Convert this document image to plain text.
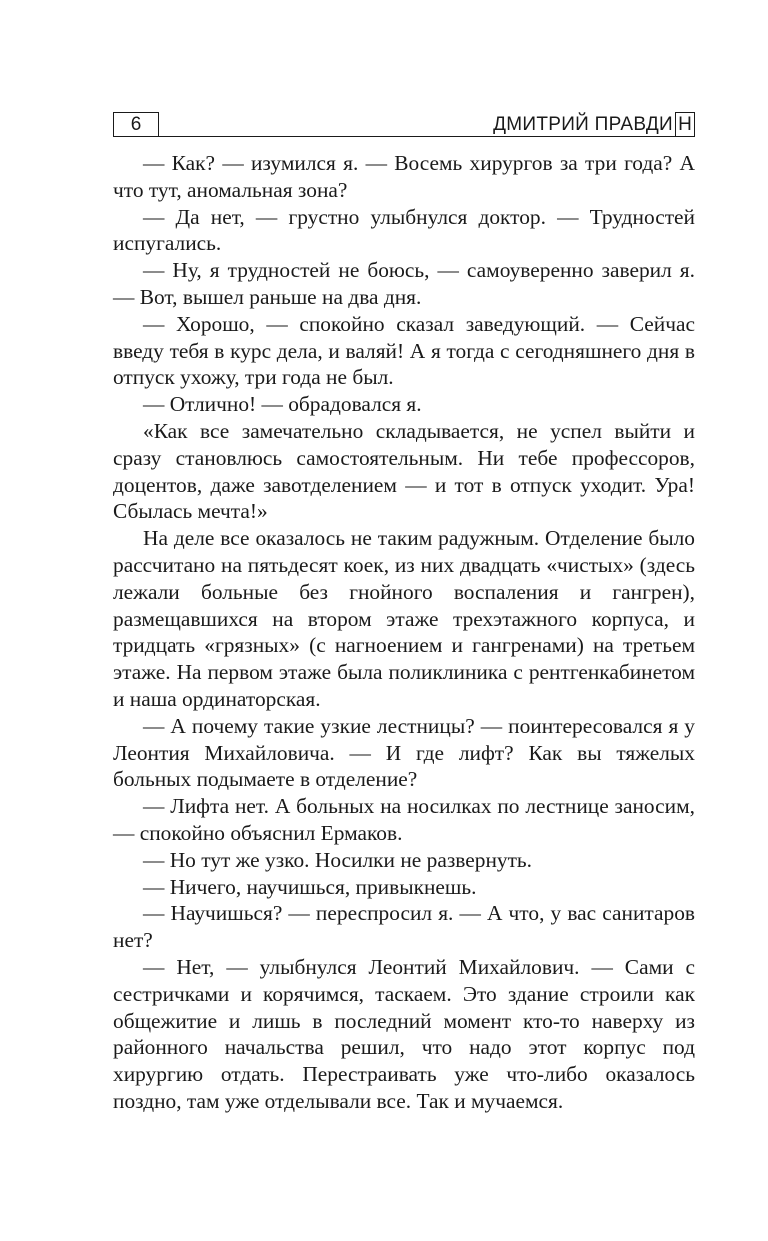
6	ДМИТРИЙ ПРАВДИ Н

— Как? — изумился я. — Восемь хирургов за три года? А что тут, аномальная зона?

— Да нет, — грустно улыбнулся доктор. — Трудностей испугались.

— Ну, я трудностей не боюсь, — самоуверенно заверил я. — Вот, вышел раньше на два дня.

— Хорошо, — спокойно сказал заведующий. — Сейчас введу тебя в курс дела, и валяй! А я тогда с сегодняшнего дня в отпуск ухожу, три года не был.

— Отлично! — обрадовался я.

«Как все замечательно складывается, не успел выйти и сразу становлюсь самостоятельным. Ни тебе профессоров, доцентов, даже завотделением — и тот в отпуск уходит. Ура! Сбылась мечта!»

На деле все оказалось не таким радужным. Отделение было рассчитано на пятьдесят коек, из них двадцать «чистых» (здесь лежали больные без гнойного воспаления и гангрен), размещавшихся на втором этаже трехэтажного корпуса, и тридцать «грязных» (с нагноением и гангренами) на третьем этаже. На первом этаже была поликлиника с рентгенкабинетом и наша ординаторская.

— А почему такие узкие лестницы? — поинтересовался я у Леонтия Михайловича. — И где лифт? Как вы тяжелых больных подымаете в отделение?

— Лифта нет. А больных на носилках по лестнице заносим, — спокойно объяснил Ермаков.

— Но тут же узко. Носилки не развернуть.

— Ничего, научишься, привыкнешь.

— Научишься? — переспросил я. — А что, у вас санитаров нет?

— Нет, — улыбнулся Леонтий Михайлович. — Сами с сестричками и корячимся, таскаем. Это здание строили как общежитие и лишь в последний момент кто-то наверху из районного начальства решил, что надо этот корпус под хирургию отдать. Перестраивать уже что-либо оказалось поздно, там уже отделывали все. Так и мучаемся.
